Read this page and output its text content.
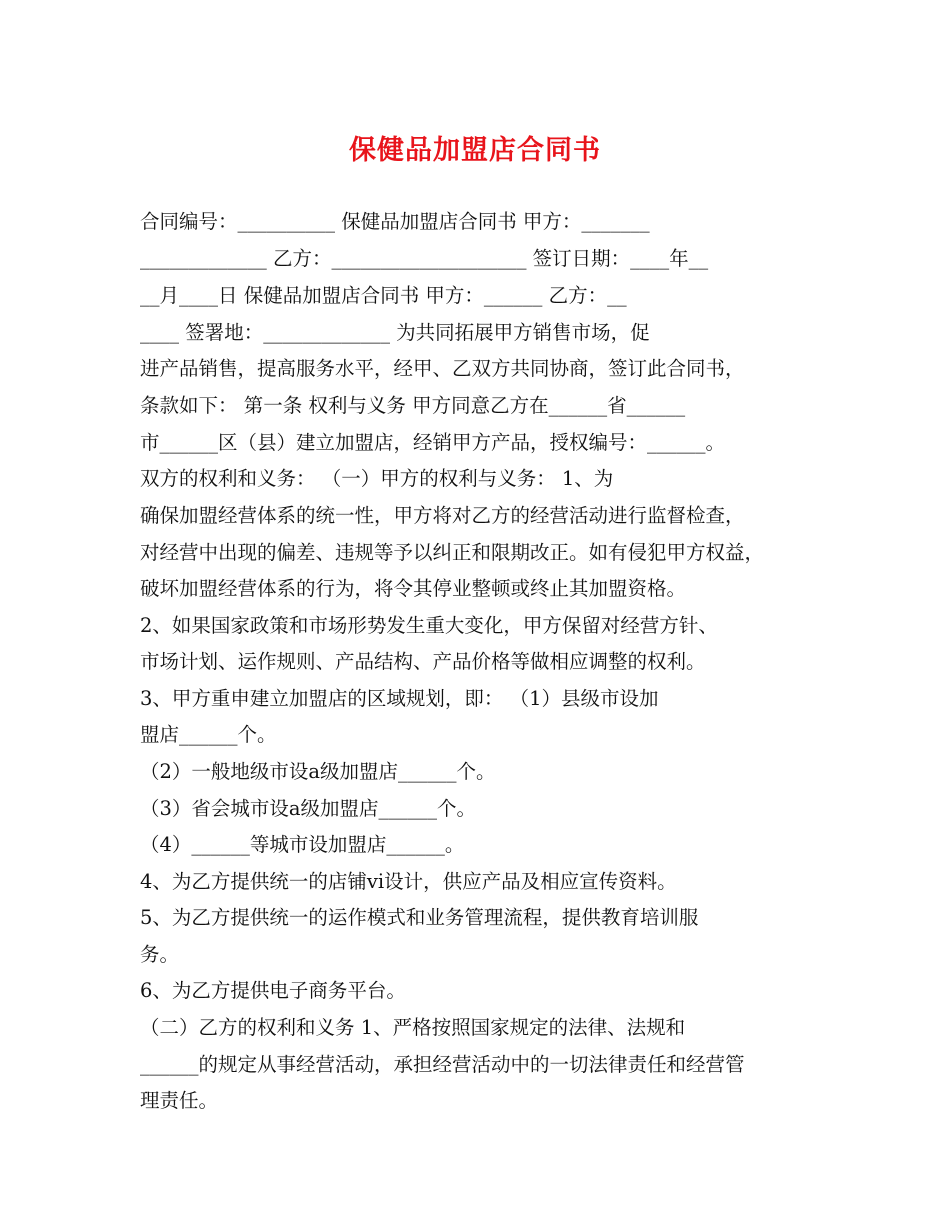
保健品加盟店合同书
合同编号：__________ 保健品加盟店合同书 甲方：_______
_____________ 乙方：____________________ 签订日期：____年__
__月____日 保健品加盟店合同书 甲方：______ 乙方：__
____ 签署地：_____________ 为共同拓展甲方销售市场，促
进产品销售，提高服务水平，经甲、乙双方共同协商，签订此合同书，
条款如下： 第一条 权利与义务 甲方同意乙方在______省______
市______区（县）建立加盟店，经销甲方产品，授权编号：______。
双方的权利和义务： （一）甲方的权利与义务： 1、为
确保加盟经营体系的统一性，甲方将对乙方的经营活动进行监督检查，
对经营中出现的偏差、违规等予以纠正和限期改正。如有侵犯甲方权益，
破坏加盟经营体系的行为，将令其停业整顿或终止其加盟资格。
2、如果国家政策和市场形势发生重大变化，甲方保留对经营方针、
市场计划、运作规则、产品结构、产品价格等做相应调整的权利。
3、甲方重申建立加盟店的区域规划，即： （1）县级市设加
盟店______个。
（2）一般地级市设a级加盟店______个。
（3）省会城市设a级加盟店______个。
（4）______等城市设加盟店______。
4、为乙方提供统一的店铺vi设计，供应产品及相应宣传资料。
5、为乙方提供统一的运作模式和业务管理流程，提供教育培训服
务。
6、为乙方提供电子商务平台。
（二）乙方的权利和义务 1、严格按照国家规定的法律、法规和
______的规定从事经营活动，承担经营活动中的一切法律责任和经营管
理责任。
